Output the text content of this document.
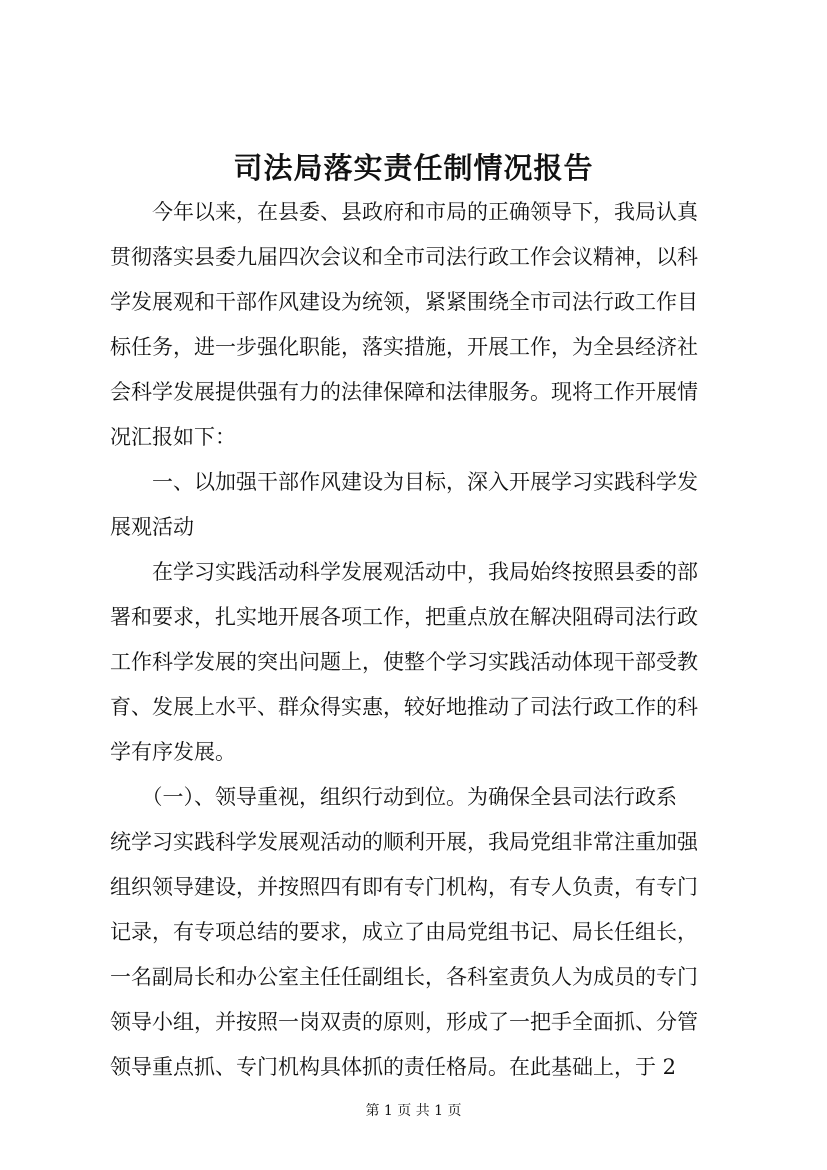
司法局落实责任制情况报告
　　今年以来，在县委、县政府和市局的正确领导下，我局认真
贯彻落实县委九届四次会议和全市司法行政工作会议精神，以科
学发展观和干部作风建设为统领，紧紧围绕全市司法行政工作目
标任务，进一步强化职能，落实措施，开展工作，为全县经济社
会科学发展提供强有力的法律保障和法律服务。现将工作开展情
况汇报如下：
　　一、以加强干部作风建设为目标，深入开展学习实践科学发
展观活动
　　在学习实践活动科学发展观活动中，我局始终按照县委的部
署和要求，扎实地开展各项工作，把重点放在解决阻碍司法行政
工作科学发展的突出问题上，使整个学习实践活动体现干部受教
育、发展上水平、群众得实惠，较好地推动了司法行政工作的科
学有序发展。
　　（一）、领导重视，组织行动到位。为确保全县司法行政系
统学习实践科学发展观活动的顺利开展，我局党组非常注重加强
组织领导建设，并按照四有即有专门机构，有专人负责，有专门
记录，有专项总结的要求，成立了由局党组书记、局长任组长，
一名副局长和办公室主任任副组长，各科室责负人为成员的专门
领导小组，并按照一岗双责的原则，形成了一把手全面抓、分管
领导重点抓、专门机构具体抓的责任格局。在此基础上，于 2
第 1 页 共 1 页
